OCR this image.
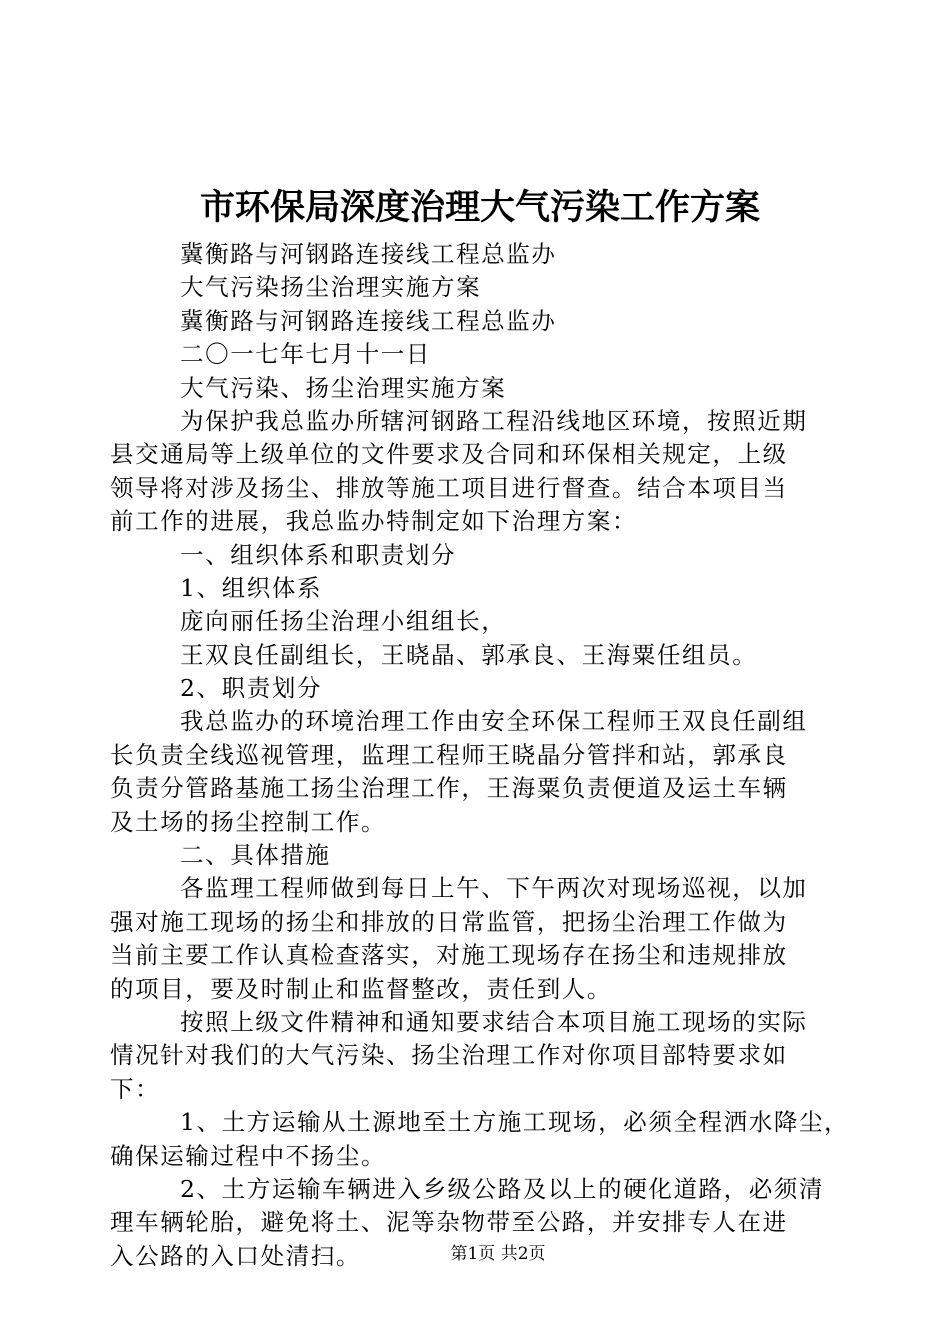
市环保局深度治理大气污染工作方案
冀衡路与河钢路连接线工程总监办
大气污染扬尘治理实施方案
冀衡路与河钢路连接线工程总监办
二〇一七年七月十一日
大气污染、扬尘治理实施方案
为保护我总监办所辖河钢路工程沿线地区环境，按照近期
县交通局等上级单位的文件要求及合同和环保相关规定，上级
领导将对涉及扬尘、排放等施工项目进行督查。结合本项目当
前工作的进展，我总监办特制定如下治理方案：
一、组织体系和职责划分
1、组织体系
庞向丽任扬尘治理小组组长，
王双良任副组长，王晓晶、郭承良、王海粟任组员。
2、职责划分
我总监办的环境治理工作由安全环保工程师王双良任副组
长负责全线巡视管理，监理工程师王晓晶分管拌和站，郭承良
负责分管路基施工扬尘治理工作，王海粟负责便道及运土车辆
及土场的扬尘控制工作。
二、具体措施
各监理工程师做到每日上午、下午两次对现场巡视，以加
强对施工现场的扬尘和排放的日常监管，把扬尘治理工作做为
当前主要工作认真检查落实，对施工现场存在扬尘和违规排放
的项目，要及时制止和监督整改，责任到人。
按照上级文件精神和通知要求结合本项目施工现场的实际
情况针对我们的大气污染、扬尘治理工作对你项目部特要求如
下：
1、土方运输从土源地至土方施工现场，必须全程洒水降尘，
确保运输过程中不扬尘。
2、土方运输车辆进入乡级公路及以上的硬化道路，必须清
理车辆轮胎，避免将土、泥等杂物带至公路，并安排专人在进
入公路的入口处清扫。	第1页 共2页
